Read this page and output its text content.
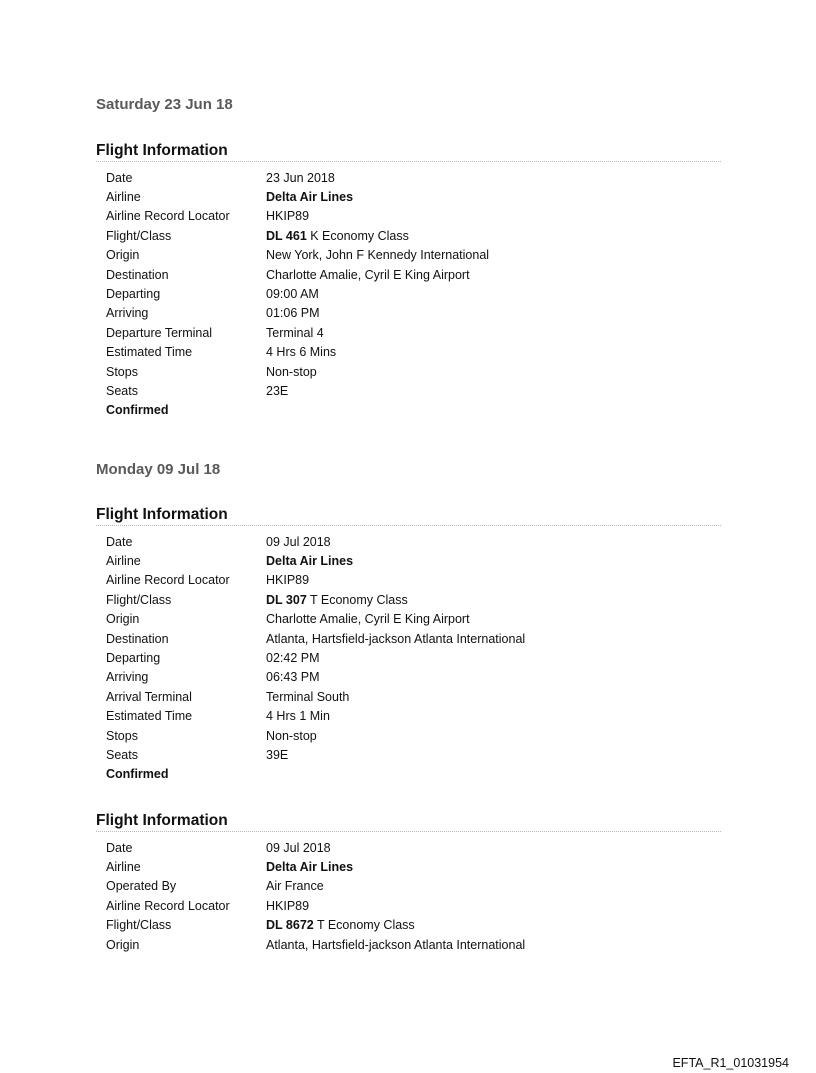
Saturday 23 Jun 18
Flight Information
Date	23 Jun 2018
Airline	Delta Air Lines
Airline Record Locator	HKIP89
Flight/Class	DL 461 K Economy Class
Origin	New York, John F Kennedy International
Destination	Charlotte Amalie, Cyril E King Airport
Departing	09:00 AM
Arriving	01:06 PM
Departure Terminal	Terminal 4
Estimated Time	4 Hrs 6 Mins
Stops	Non-stop
Seats	23E
Confirmed	
Monday 09 Jul 18
Flight Information
Date	09 Jul 2018
Airline	Delta Air Lines
Airline Record Locator	HKIP89
Flight/Class	DL 307 T Economy Class
Origin	Charlotte Amalie, Cyril E King Airport
Destination	Atlanta, Hartsfield-jackson Atlanta International
Departing	02:42 PM
Arriving	06:43 PM
Arrival Terminal	Terminal South
Estimated Time	4 Hrs 1 Min
Stops	Non-stop
Seats	39E
Confirmed	
Flight Information
Date	09 Jul 2018
Airline	Delta Air Lines
Operated By	Air France
Airline Record Locator	HKIP89
Flight/Class	DL 8672 T Economy Class
Origin	Atlanta, Hartsfield-jackson Atlanta International
EFTA_R1_01031954
